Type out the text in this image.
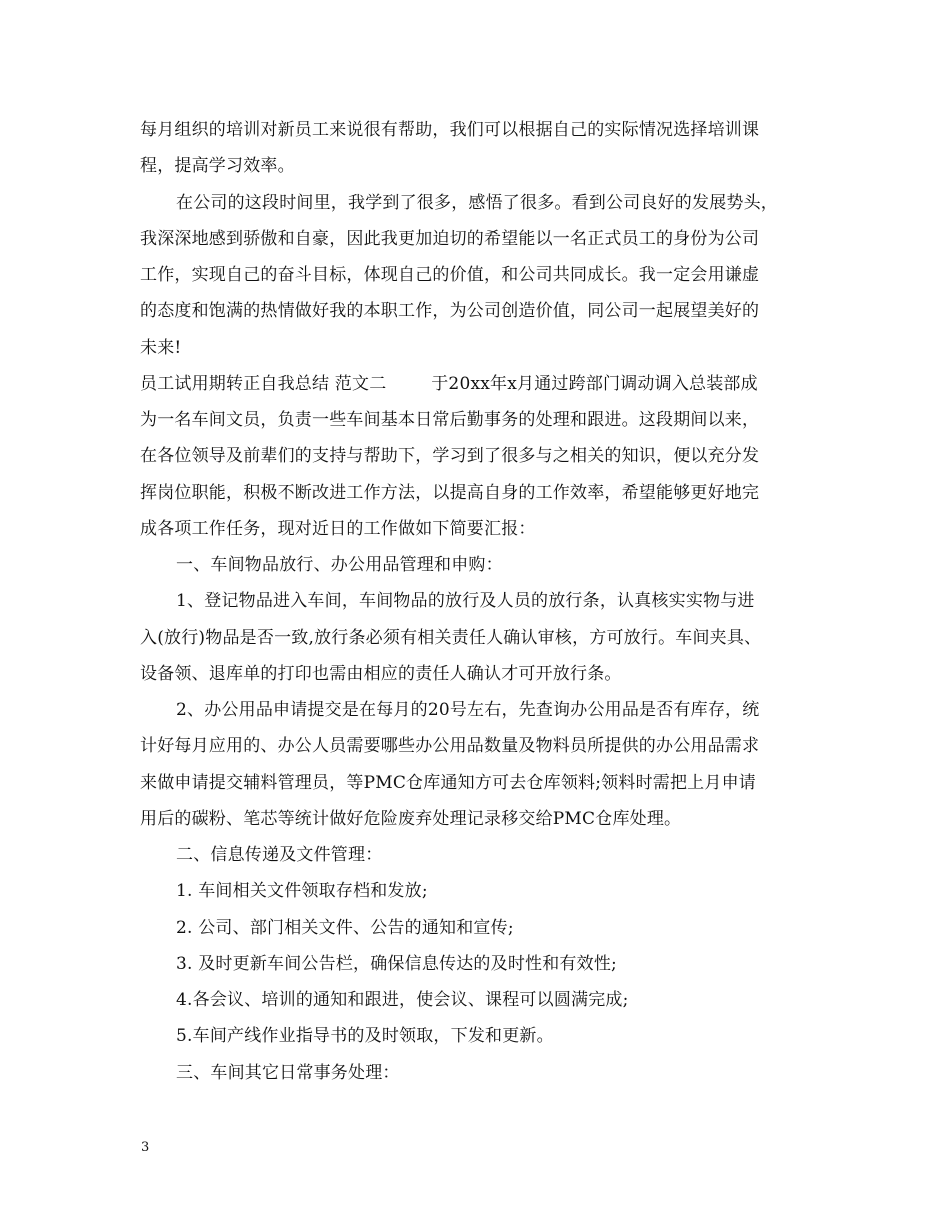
每月组织的培训对新员工来说很有帮助，我们可以根据自己的实际情况选择培训课
程，提高学习效率。
在公司的这段时间里，我学到了很多，感悟了很多。看到公司良好的发展势头，
我深深地感到骄傲和自豪，因此我更加迫切的希望能以一名正式员工的身份为公司
工作，实现自己的奋斗目标，体现自己的价值，和公司共同成长。我一定会用谦虚
的态度和饱满的热情做好我的本职工作，为公司创造价值，同公司一起展望美好的
未来!
员工试用期转正自我总结 范文二        于20xx年x月通过跨部门调动调入总装部成
为一名车间文员，负责一些车间基本日常后勤事务的处理和跟进。这段期间以来，
在各位领导及前辈们的支持与帮助下，学习到了很多与之相关的知识，便以充分发
挥岗位职能，积极不断改进工作方法，以提高自身的工作效率，希望能够更好地完
成各项工作任务，现对近日的工作做如下简要汇报：
一、车间物品放行、办公用品管理和申购：
1、登记物品进入车间，车间物品的放行及人员的放行条，认真核实实物与进
入(放行)物品是否一致,放行条必须有相关责任人确认审核，方可放行。车间夹具、
设备领、退库单的打印也需由相应的责任人确认才可开放行条。
2、办公用品申请提交是在每月的20号左右，先查询办公用品是否有库存，统
计好每月应用的、办公人员需要哪些办公用品数量及物料员所提供的办公用品需求
来做申请提交辅料管理员，等PMC仓库通知方可去仓库领料;领料时需把上月申请
用后的碳粉、笔芯等统计做好危险废弃处理记录移交给PMC仓库处理。
二、信息传递及文件管理：
1. 车间相关文件领取存档和发放;
2. 公司、部门相关文件、公告的通知和宣传;
3. 及时更新车间公告栏，确保信息传达的及时性和有效性;
4.各会议、培训的通知和跟进，使会议、课程可以圆满完成;
5.车间产线作业指导书的及时领取，下发和更新。
三、车间其它日常事务处理：
3
